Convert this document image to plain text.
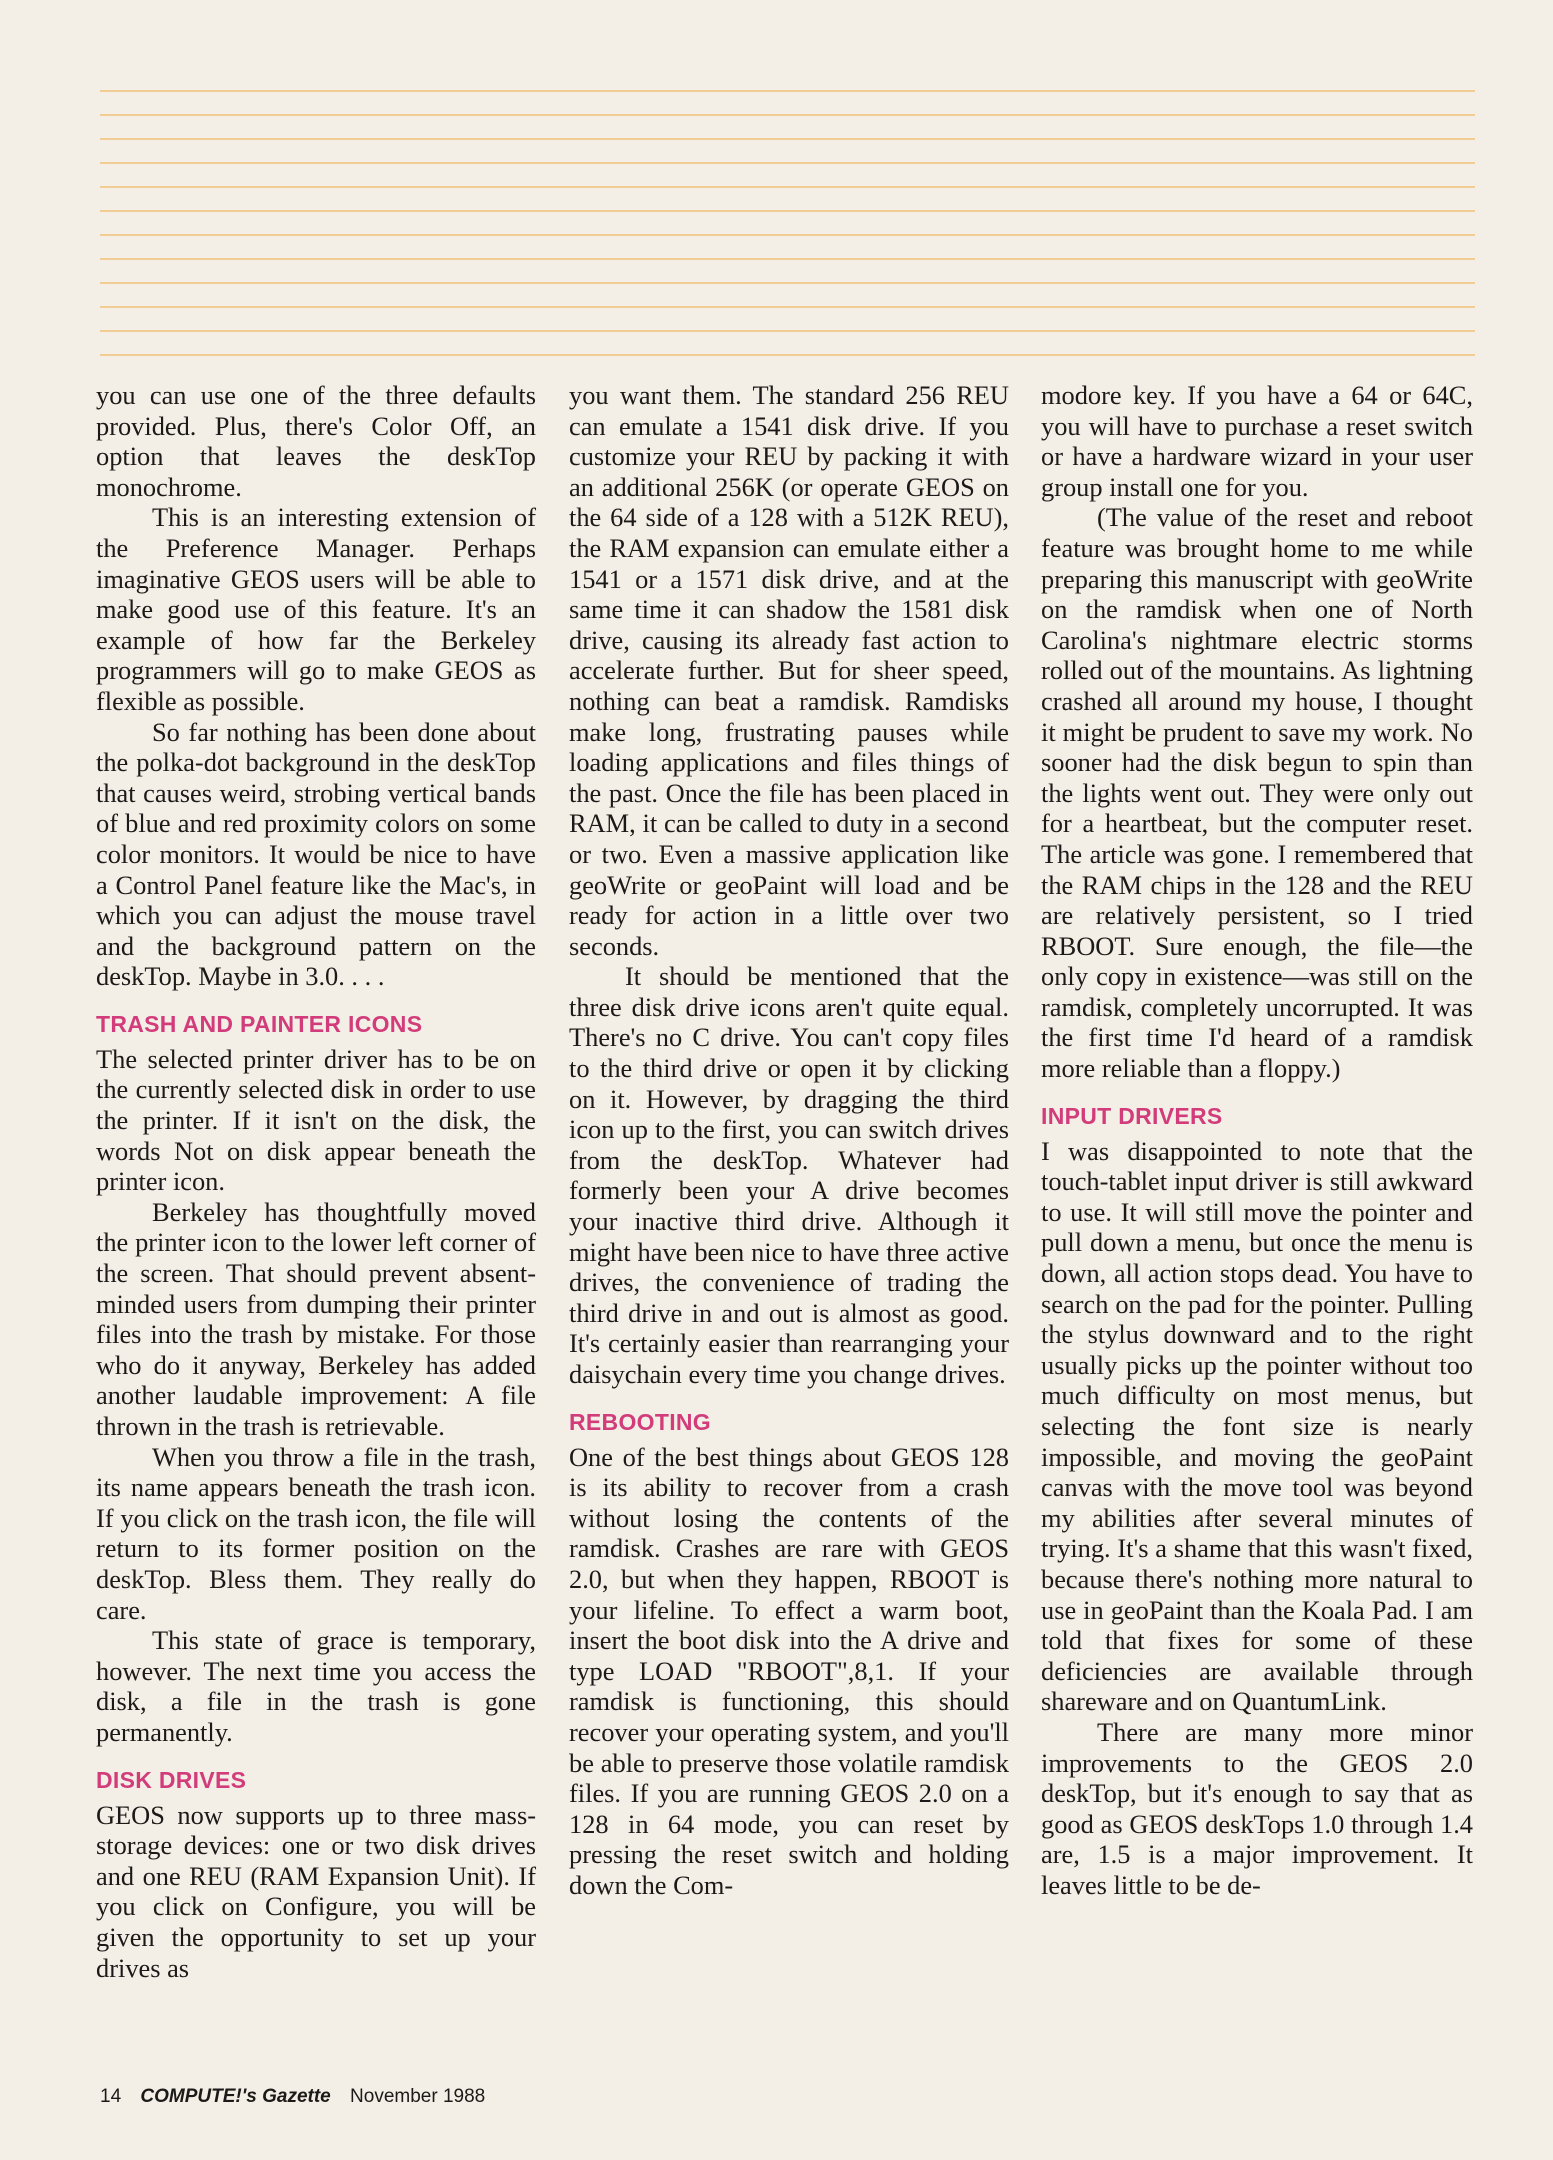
you can use one of the three defaults provided. Plus, there's Color Off, an option that leaves the deskTop monochrome.

This is an interesting extension of the Preference Manager. Perhaps imaginative GEOS users will be able to make good use of this feature. It's an example of how far the Berkeley programmers will go to make GEOS as flexible as possible.

So far nothing has been done about the polka-dot background in the deskTop that causes weird, strobing vertical bands of blue and red proximity colors on some color monitors. It would be nice to have a Control Panel feature like the Mac's, in which you can adjust the mouse travel and the background pattern on the deskTop. Maybe in 3.0. . . .

TRASH AND PAINTER ICONS

The selected printer driver has to be on the currently selected disk in order to use the printer. If it isn't on the disk, the words Not on disk appear beneath the printer icon.

Berkeley has thoughtfully moved the printer icon to the lower left corner of the screen. That should prevent absent-minded users from dumping their printer files into the trash by mistake. For those who do it anyway, Berkeley has added another laudable improvement: A file thrown in the trash is retrievable.

When you throw a file in the trash, its name appears beneath the trash icon. If you click on the trash icon, the file will return to its former position on the deskTop. Bless them. They really do care.

This state of grace is temporary, however. The next time you access the disk, a file in the trash is gone permanently.

DISK DRIVES

GEOS now supports up to three mass-storage devices: one or two disk drives and one REU (RAM Expansion Unit). If you click on Configure, you will be given the opportunity to set up your drives as

you want them. The standard 256 REU can emulate a 1541 disk drive. If you customize your REU by packing it with an additional 256K (or operate GEOS on the 64 side of a 128 with a 512K REU), the RAM expansion can emulate either a 1541 or a 1571 disk drive, and at the same time it can shadow the 1581 disk drive, causing its already fast action to accelerate further. But for sheer speed, nothing can beat a ramdisk. Ramdisks make long, frustrating pauses while loading applications and files things of the past. Once the file has been placed in RAM, it can be called to duty in a second or two. Even a massive application like geoWrite or geoPaint will load and be ready for action in a little over two seconds.

It should be mentioned that the three disk drive icons aren't quite equal. There's no C drive. You can't copy files to the third drive or open it by clicking on it. However, by dragging the third icon up to the first, you can switch drives from the deskTop. Whatever had formerly been your A drive becomes your inactive third drive. Although it might have been nice to have three active drives, the convenience of trading the third drive in and out is almost as good. It's certainly easier than rearranging your daisychain every time you change drives.

REBOOTING

One of the best things about GEOS 128 is its ability to recover from a crash without losing the contents of the ramdisk. Crashes are rare with GEOS 2.0, but when they happen, RBOOT is your lifeline. To effect a warm boot, insert the boot disk into the A drive and type LOAD "RBOOT",8,1. If your ramdisk is functioning, this should recover your operating system, and you'll be able to preserve those volatile ramdisk files. If you are running GEOS 2.0 on a 128 in 64 mode, you can reset by pressing the reset switch and holding down the Com-

modore key. If you have a 64 or 64C, you will have to purchase a reset switch or have a hardware wizard in your user group install one for you.

(The value of the reset and reboot feature was brought home to me while preparing this manuscript with geoWrite on the ramdisk when one of North Carolina's nightmare electric storms rolled out of the mountains. As lightning crashed all around my house, I thought it might be prudent to save my work. No sooner had the disk begun to spin than the lights went out. They were only out for a heartbeat, but the computer reset. The article was gone. I remembered that the RAM chips in the 128 and the REU are relatively persistent, so I tried RBOOT. Sure enough, the file—the only copy in existence—was still on the ramdisk, completely uncorrupted. It was the first time I'd heard of a ramdisk more reliable than a floppy.)

INPUT DRIVERS

I was disappointed to note that the touch-tablet input driver is still awkward to use. It will still move the pointer and pull down a menu, but once the menu is down, all action stops dead. You have to search on the pad for the pointer. Pulling the stylus downward and to the right usually picks up the pointer without too much difficulty on most menus, but selecting the font size is nearly impossible, and moving the geoPaint canvas with the move tool was beyond my abilities after several minutes of trying. It's a shame that this wasn't fixed, because there's nothing more natural to use in geoPaint than the Koala Pad. I am told that fixes for some of these deficiencies are available through shareware and on QuantumLink.

There are many more minor improvements to the GEOS 2.0 deskTop, but it's enough to say that as good as GEOS deskTops 1.0 through 1.4 are, 1.5 is a major improvement. It leaves little to be de-

14 COMPUTE!'s Gazette November 1988
